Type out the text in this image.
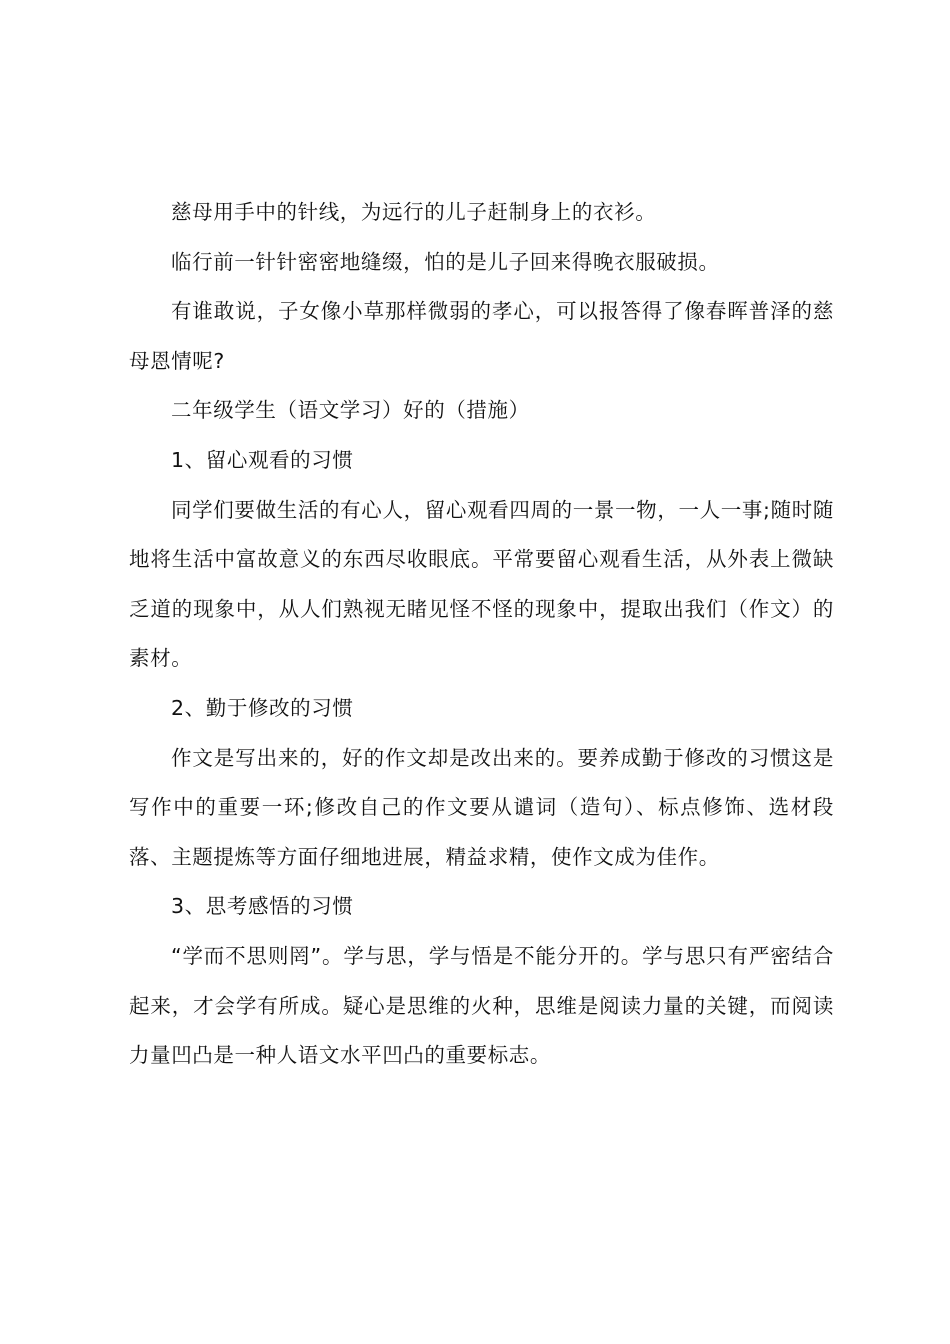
慈母用手中的针线，为远行的儿子赶制身上的衣衫。

临行前一针针密密地缝缀，怕的是儿子回来得晚衣服破损。

有谁敢说，子女像小草那样微弱的孝心，可以报答得了像春晖普泽的慈母恩情呢?

二年级学生（语文学习）好的（措施）

1、留心观看的习惯

同学们要做生活的有心人，留心观看四周的一景一物，一人一事;随时随地将生活中富故意义的东西尽收眼底。平常要留心观看生活，从外表上微缺乏道的现象中，从人们熟视无睹见怪不怪的现象中，提取出我们（作文）的素材。

2、勤于修改的习惯

作文是写出来的，好的作文却是改出来的。要养成勤于修改的习惯这是写作中的重要一环;修改自己的作文要从谴词（造句）、标点修饰、选材段落、主题提炼等方面仔细地进展，精益求精，使作文成为佳作。

3、思考感悟的习惯

“学而不思则罔”。学与思，学与悟是不能分开的。学与思只有严密结合起来，才会学有所成。疑心是思维的火种，思维是阅读力量的关键，而阅读力量凹凸是一种人语文水平凹凸的重要标志。
